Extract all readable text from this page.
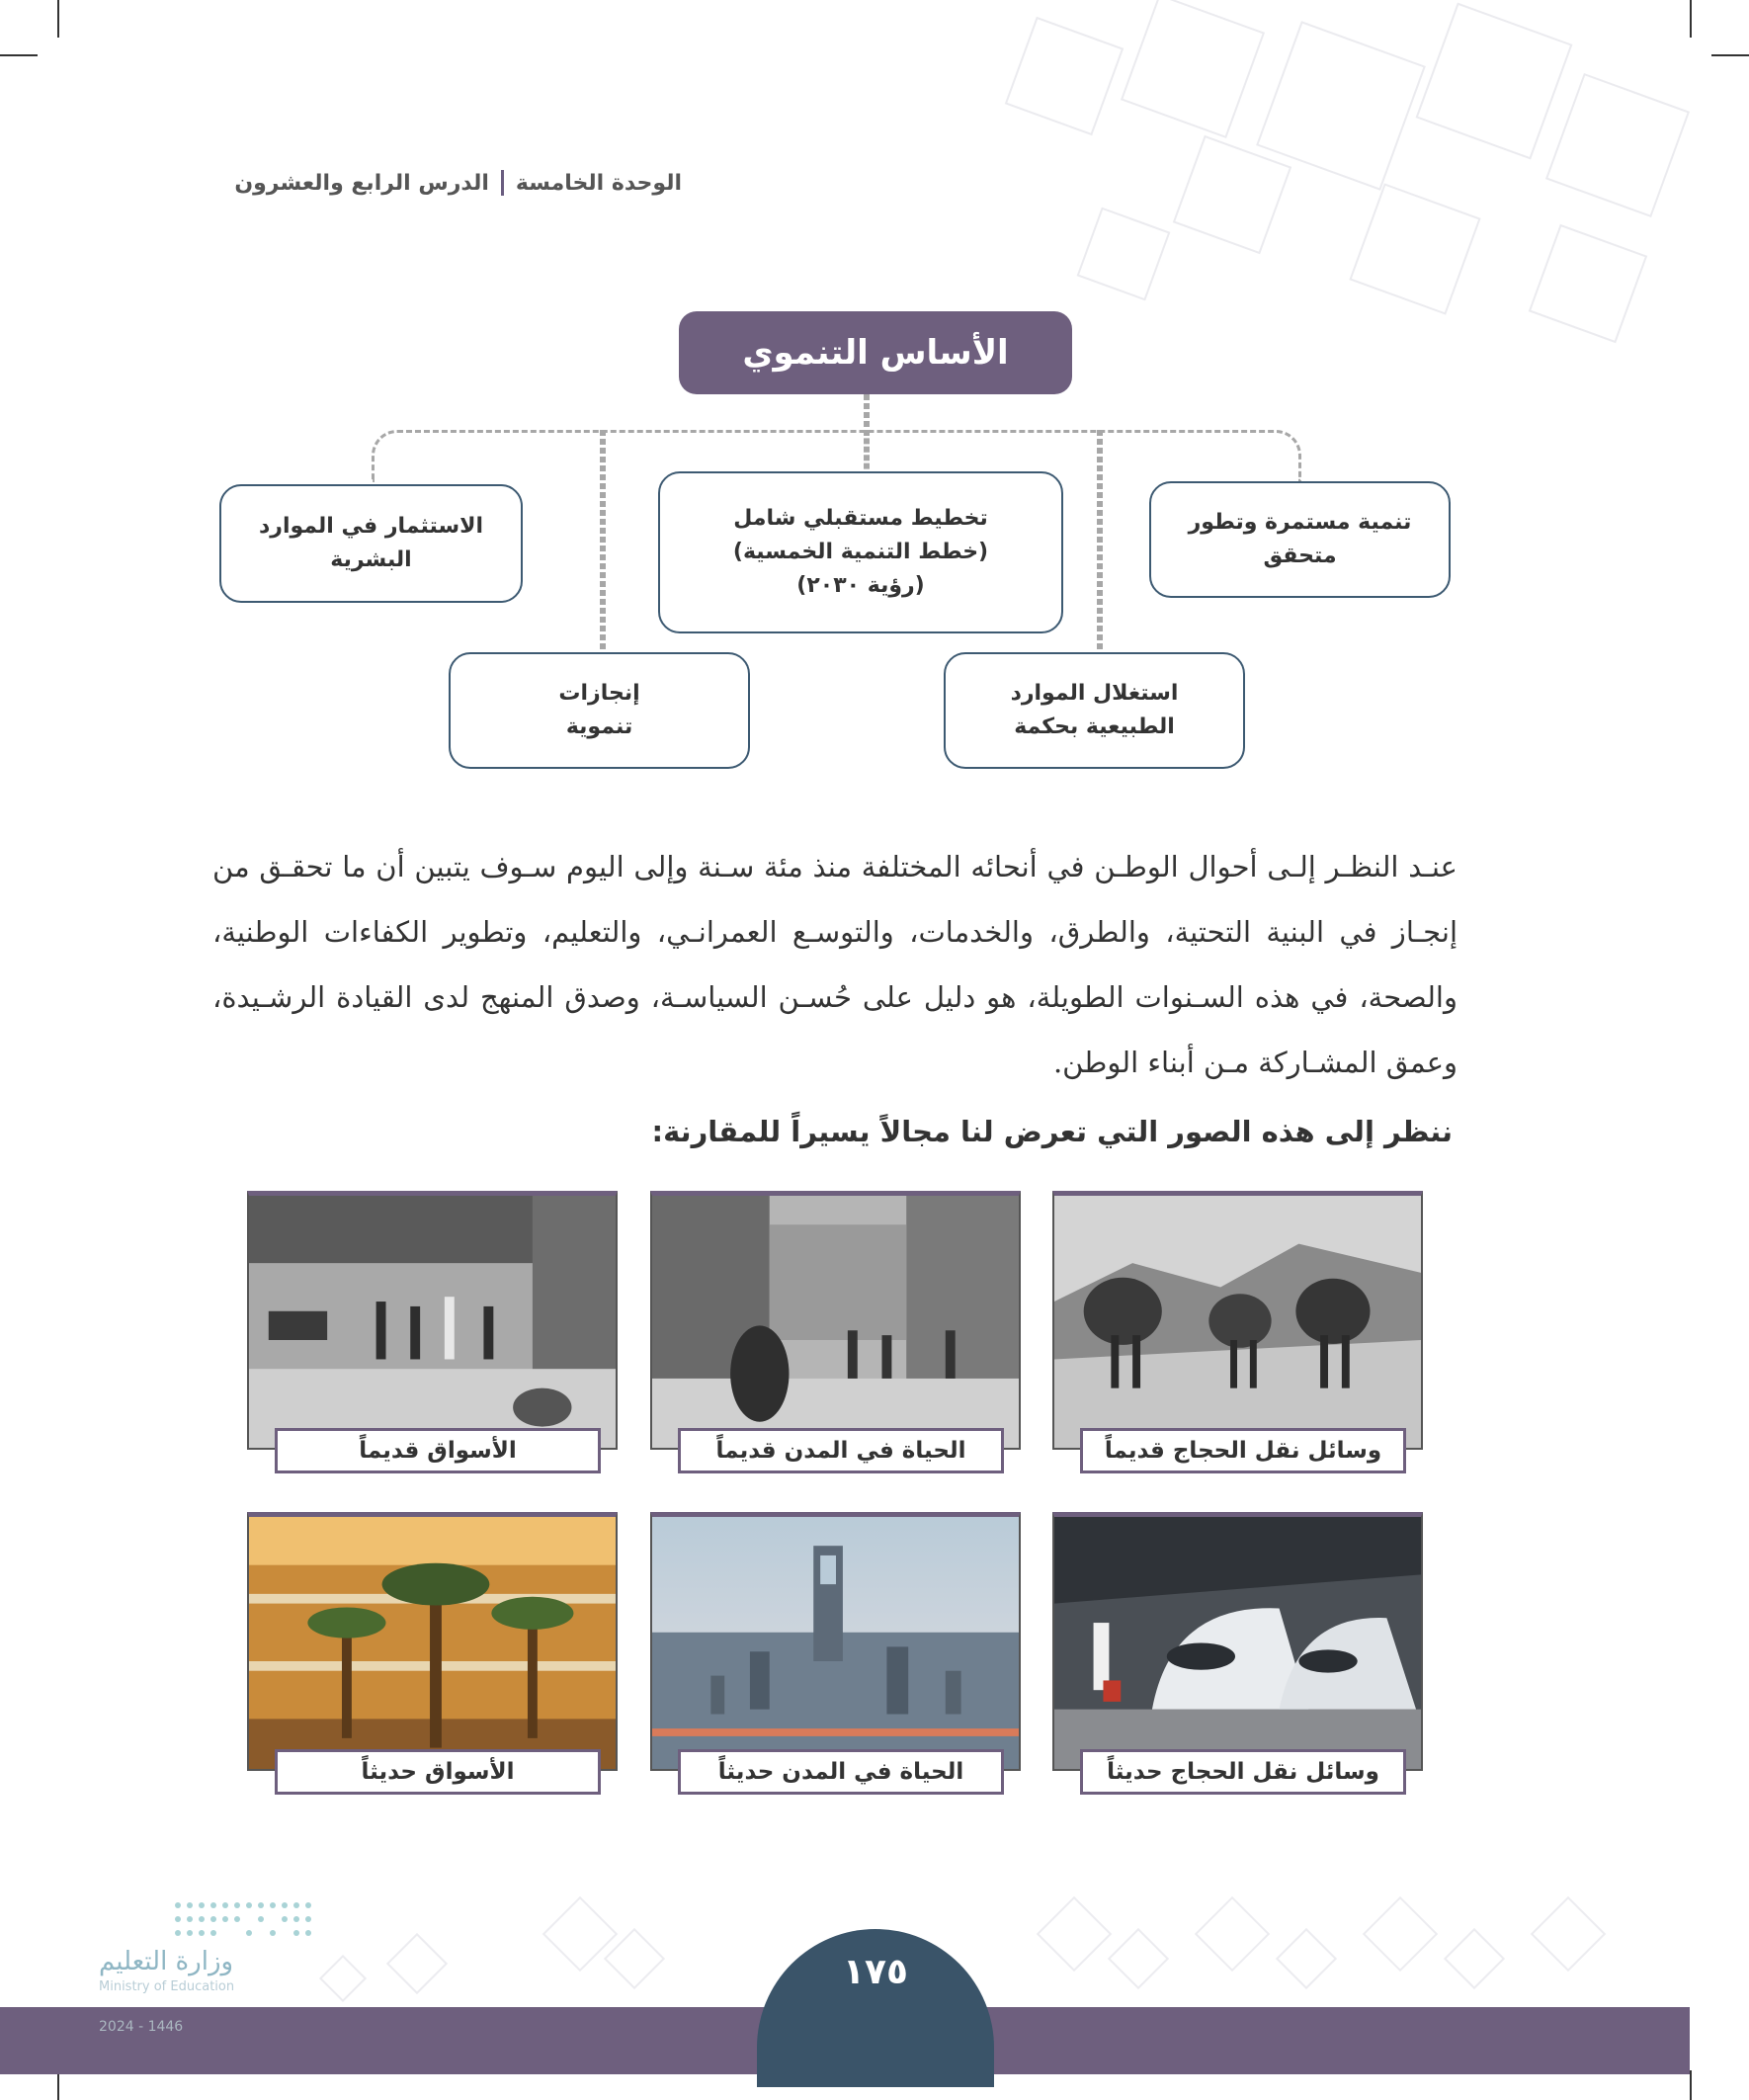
الوحدة الخامسة
الدرس الرابع والعشرون
الأساس التنموي
تنمية مستمرة وتطور
متحقق
تخطيط مستقبلي شامل
(خطط التنمية الخمسية)
(رؤية ٢٠٣٠)
الاستثمار في الموارد
البشرية
استغلال الموارد
الطبيعية بحكمة
إنجازات
تنموية

عنـد النظـر إلـى أحوال الوطـن في أنحائه المختلفة منذ مئة سـنة وإلى اليوم سـوف يتبين أن ما تحقـق من إنجـاز في البنية التحتية، والطرق، والخدمات، والتوسـع العمرانـي، والتعليم، وتطوير الكفاءات الوطنية، والصحة، في هذه السـنوات الطويلة، هو دليل على حُسـن السياسـة، وصدق المنهج لدى القيادة الرشـيدة، وعمق المشـاركة مـن أبناء الوطن.

ننظر إلى هذه الصور التي تعرض لنا مجالاً يسيراً للمقارنة:
وسائل نقل الحجاج قديماً
الحياة في المدن قديماً
الأسواق قديماً
وسائل نقل الحجاج حديثاً
الحياة في المدن حديثاً
الأسواق حديثاً
١٧٥
وزارة التعليم
Ministry of Education
2024 - 1446
